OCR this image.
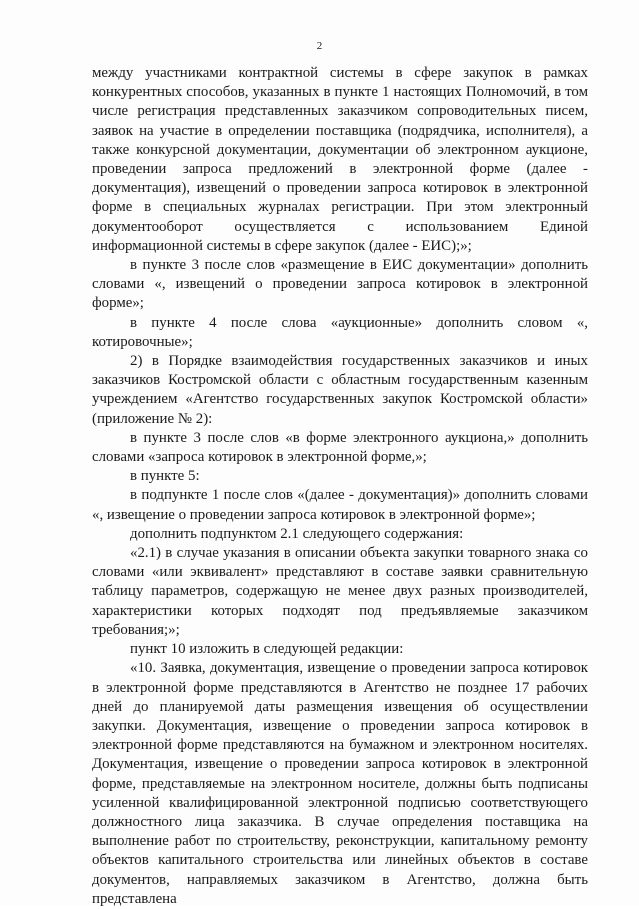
2

между участниками контрактной системы в сфере закупок в рамках конкурентных способов, указанных в пункте 1 настоящих Полномочий, в том числе регистрация представленных заказчиком сопроводительных писем, заявок на участие в определении поставщика (подрядчика, исполнителя), а также конкурсной документации, документации об электронном аукционе, проведении запроса предложений в электронной форме (далее - документация), извещений о проведении запроса котировок в электронной форме в специальных журналах регистрации. При этом электронный документооборот осуществляется с использованием Единой информационной системы в сфере закупок (далее - ЕИС);»;

в пункте 3 после слов «размещение в ЕИС документации» дополнить словами «, извещений о проведении запроса котировок в электронной форме»;

в пункте 4 после слова «аукционные» дополнить словом «, котировочные»;

2) в Порядке взаимодействия государственных заказчиков и иных заказчиков Костромской области с областным государственным казенным учреждением «Агентство государственных закупок Костромской области» (приложение № 2):

в пункте 3 после слов «в форме электронного аукциона,» дополнить словами «запроса котировок в электронной форме,»;

в пункте 5:

в подпункте 1 после слов «(далее - документация)» дополнить словами «, извещение о проведении запроса котировок в электронной форме»;

дополнить подпунктом 2.1 следующего содержания:

«2.1) в случае указания в описании объекта закупки товарного знака со словами «или эквивалент» представляют в составе заявки сравнительную таблицу параметров, содержащую не менее двух разных производителей, характеристики которых подходят под предъявляемые заказчиком требования;»;

пункт 10 изложить в следующей редакции:

«10. Заявка, документация, извещение о проведении запроса котировок в электронной форме представляются в Агентство не позднее 17 рабочих дней до планируемой даты размещения извещения об осуществлении закупки. Документация, извещение о проведении запроса котировок в электронной форме представляются на бумажном и электронном носителях. Документация, извещение о проведении запроса котировок в электронной форме, представляемые на электронном носителе, должны быть подписаны усиленной квалифицированной электронной подписью соответствующего должностного лица заказчика. В случае определения поставщика на выполнение работ по строительству, реконструкции, капитальному ремонту объектов капитального строительства или линейных объектов в составе документов, направляемых заказчиком в Агентство, должна быть представлена
